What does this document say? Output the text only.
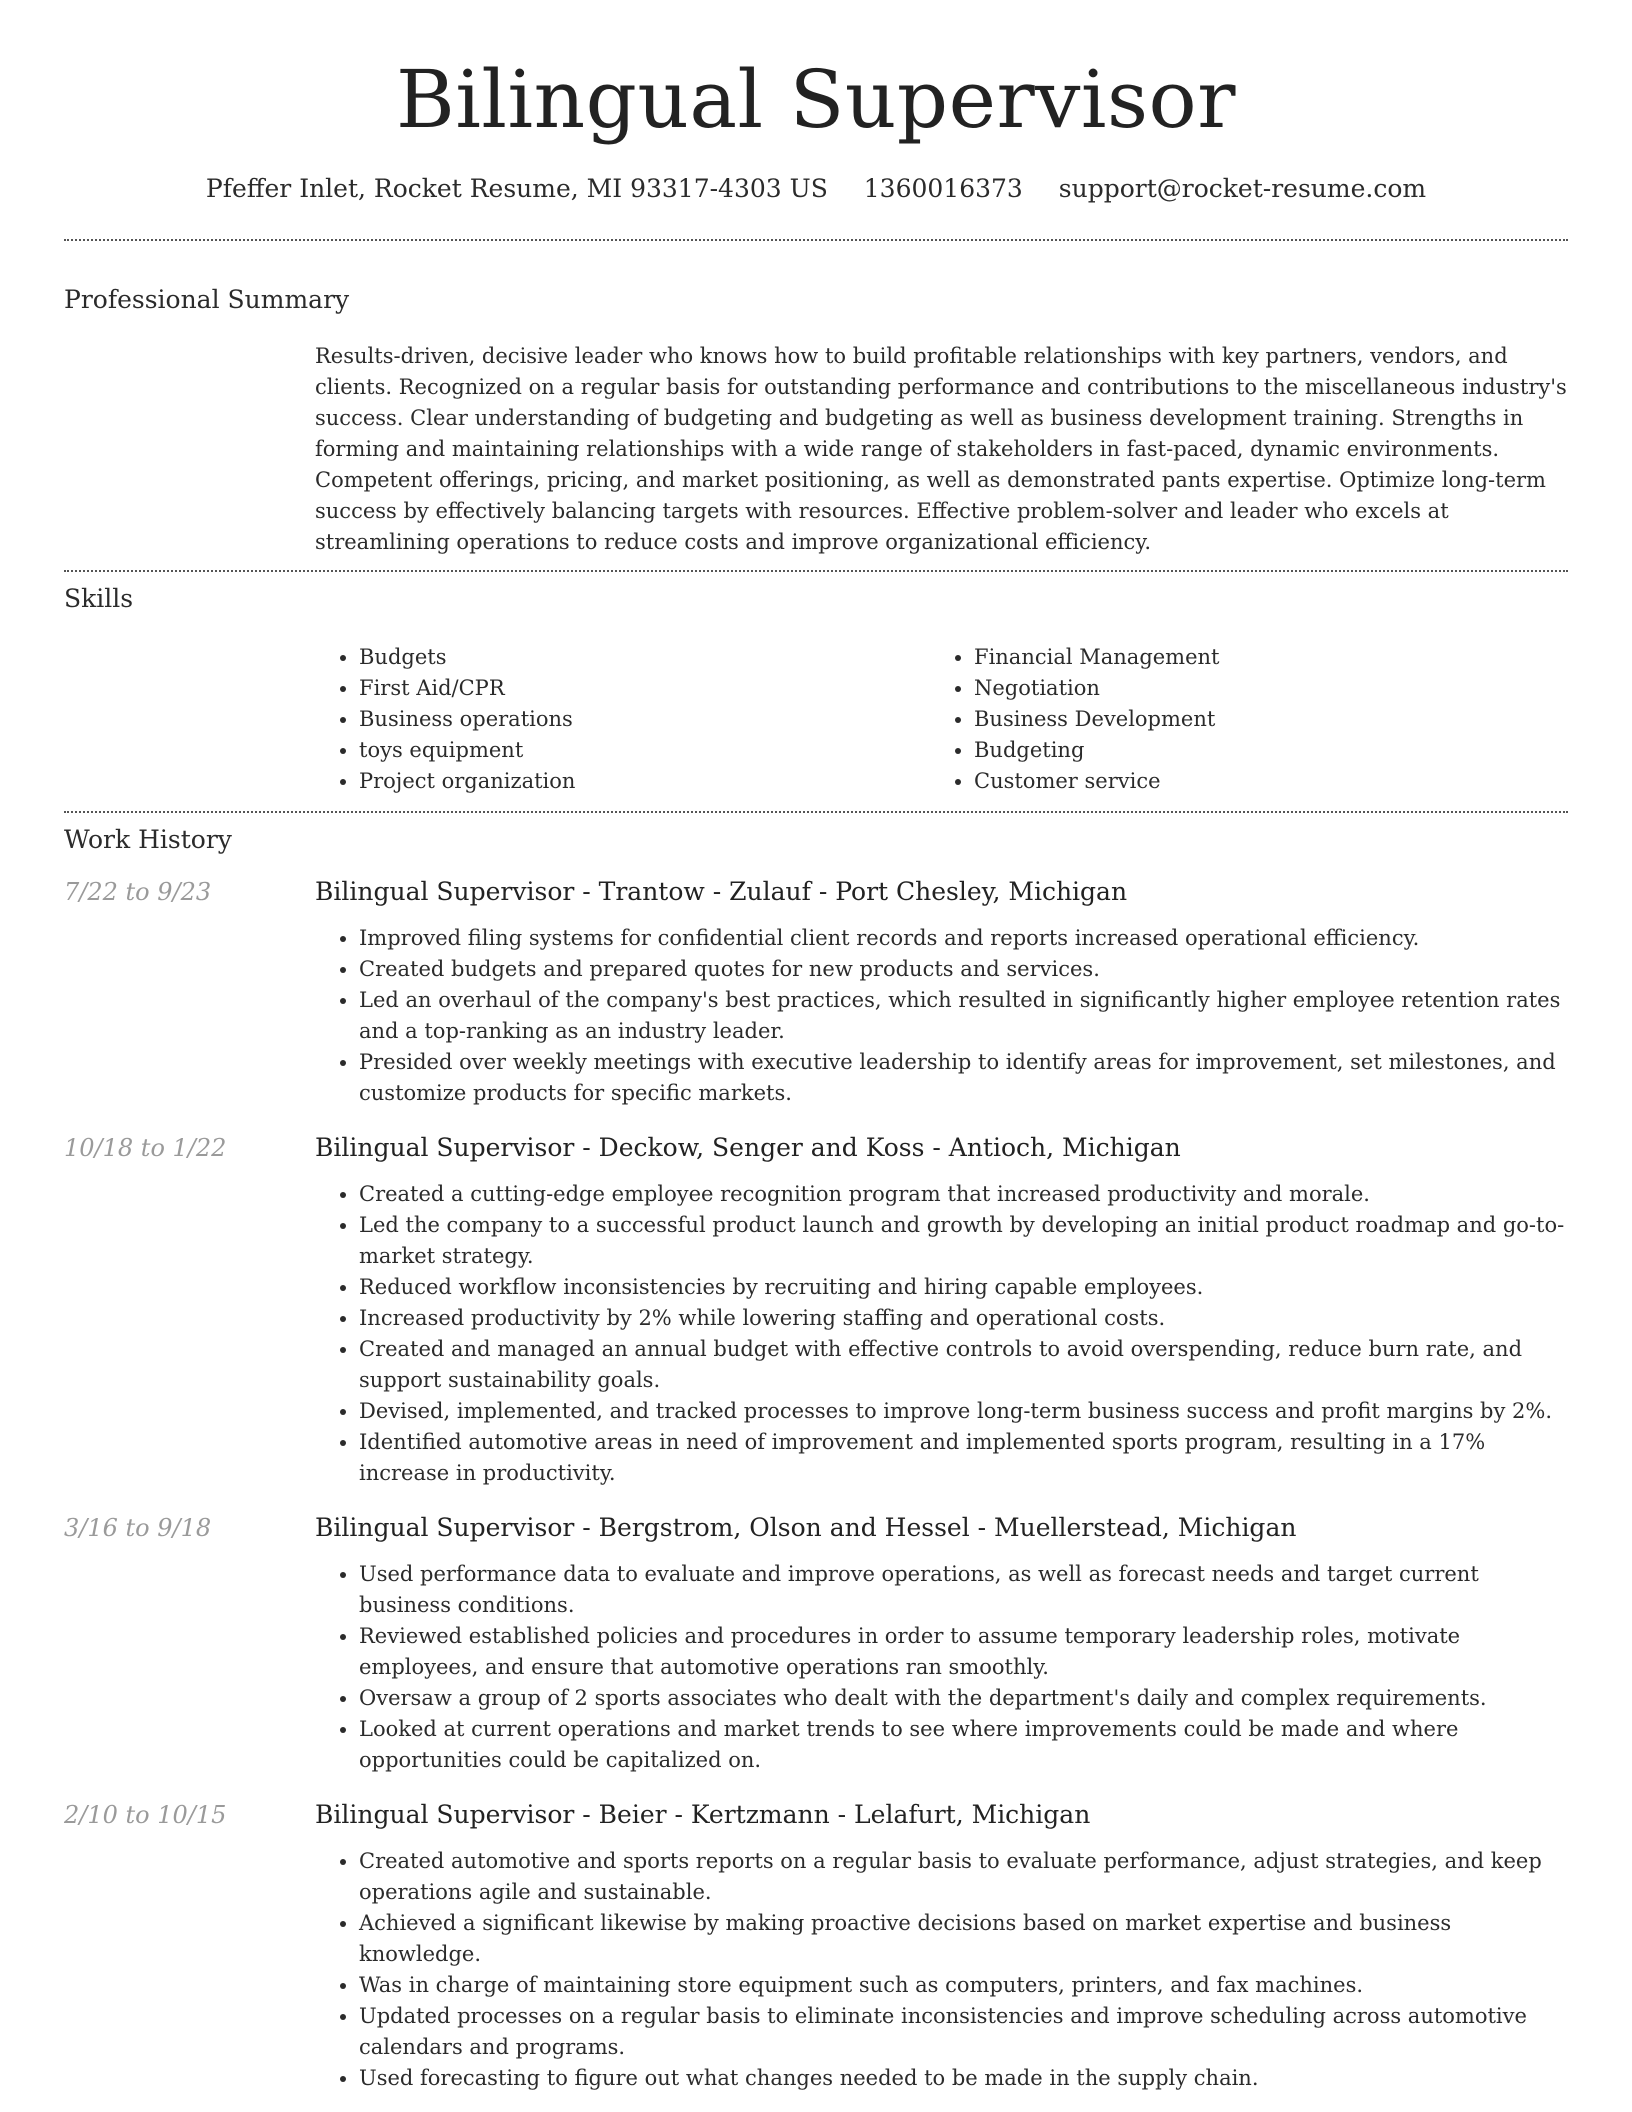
Bilingual Supervisor
Pfeffer Inlet, Rocket Resume, MI 93317-4303 US 1360016373 support@rocket-resume.com
Professional Summary

Results-driven, decisive leader who knows how to build profitable relationships with key partners, vendors, and clients. Recognized on a regular basis for outstanding performance and contributions to the miscellaneous industry's success. Clear understanding of budgeting and budgeting as well as business development training. Strengths in forming and maintaining relationships with a wide range of stakeholders in fast-paced, dynamic environments. Competent offerings, pricing, and market positioning, as well as demonstrated pants expertise. Optimize long-term success by effectively balancing targets with resources. Effective problem-solver and leader who excels at streamlining operations to reduce costs and improve organizational efficiency.

Skills
• Budgets
• First Aid/CPR
• Business operations
• toys equipment
• Project organization
• Financial Management
• Negotiation
• Business Development
• Budgeting
• Customer service
Work History
7/22 to 9/23	Bilingual Supervisor - Trantow - Zulauf - Port Chesley, Michigan
• Improved filing systems for confidential client records and reports increased operational efficiency.
• Created budgets and prepared quotes for new products and services.
• Led an overhaul of the company's best practices, which resulted in significantly higher employee retention rates and a top-ranking as an industry leader.
• Presided over weekly meetings with executive leadership to identify areas for improvement, set milestones, and customize products for specific markets.
10/18 to 1/22	Bilingual Supervisor - Deckow, Senger and Koss - Antioch, Michigan
• Created a cutting-edge employee recognition program that increased productivity and morale.
• Led the company to a successful product launch and growth by developing an initial product roadmap and go-to-market strategy.
• Reduced workflow inconsistencies by recruiting and hiring capable employees.
• Increased productivity by 2% while lowering staffing and operational costs.
• Created and managed an annual budget with effective controls to avoid overspending, reduce burn rate, and support sustainability goals.
• Devised, implemented, and tracked processes to improve long-term business success and profit margins by 2%.
• Identified automotive areas in need of improvement and implemented sports program, resulting in a 17% increase in productivity.
3/16 to 9/18	Bilingual Supervisor - Bergstrom, Olson and Hessel - Muellerstead, Michigan
• Used performance data to evaluate and improve operations, as well as forecast needs and target current business conditions.
• Reviewed established policies and procedures in order to assume temporary leadership roles, motivate employees, and ensure that automotive operations ran smoothly.
• Oversaw a group of 2 sports associates who dealt with the department's daily and complex requirements.
• Looked at current operations and market trends to see where improvements could be made and where opportunities could be capitalized on.
2/10 to 10/15	Bilingual Supervisor - Beier - Kertzmann - Lelafurt, Michigan
• Created automotive and sports reports on a regular basis to evaluate performance, adjust strategies, and keep operations agile and sustainable.
• Achieved a significant likewise by making proactive decisions based on market expertise and business knowledge.
• Was in charge of maintaining store equipment such as computers, printers, and fax machines.
• Updated processes on a regular basis to eliminate inconsistencies and improve scheduling across automotive calendars and programs.
• Used forecasting to figure out what changes needed to be made in the supply chain.
